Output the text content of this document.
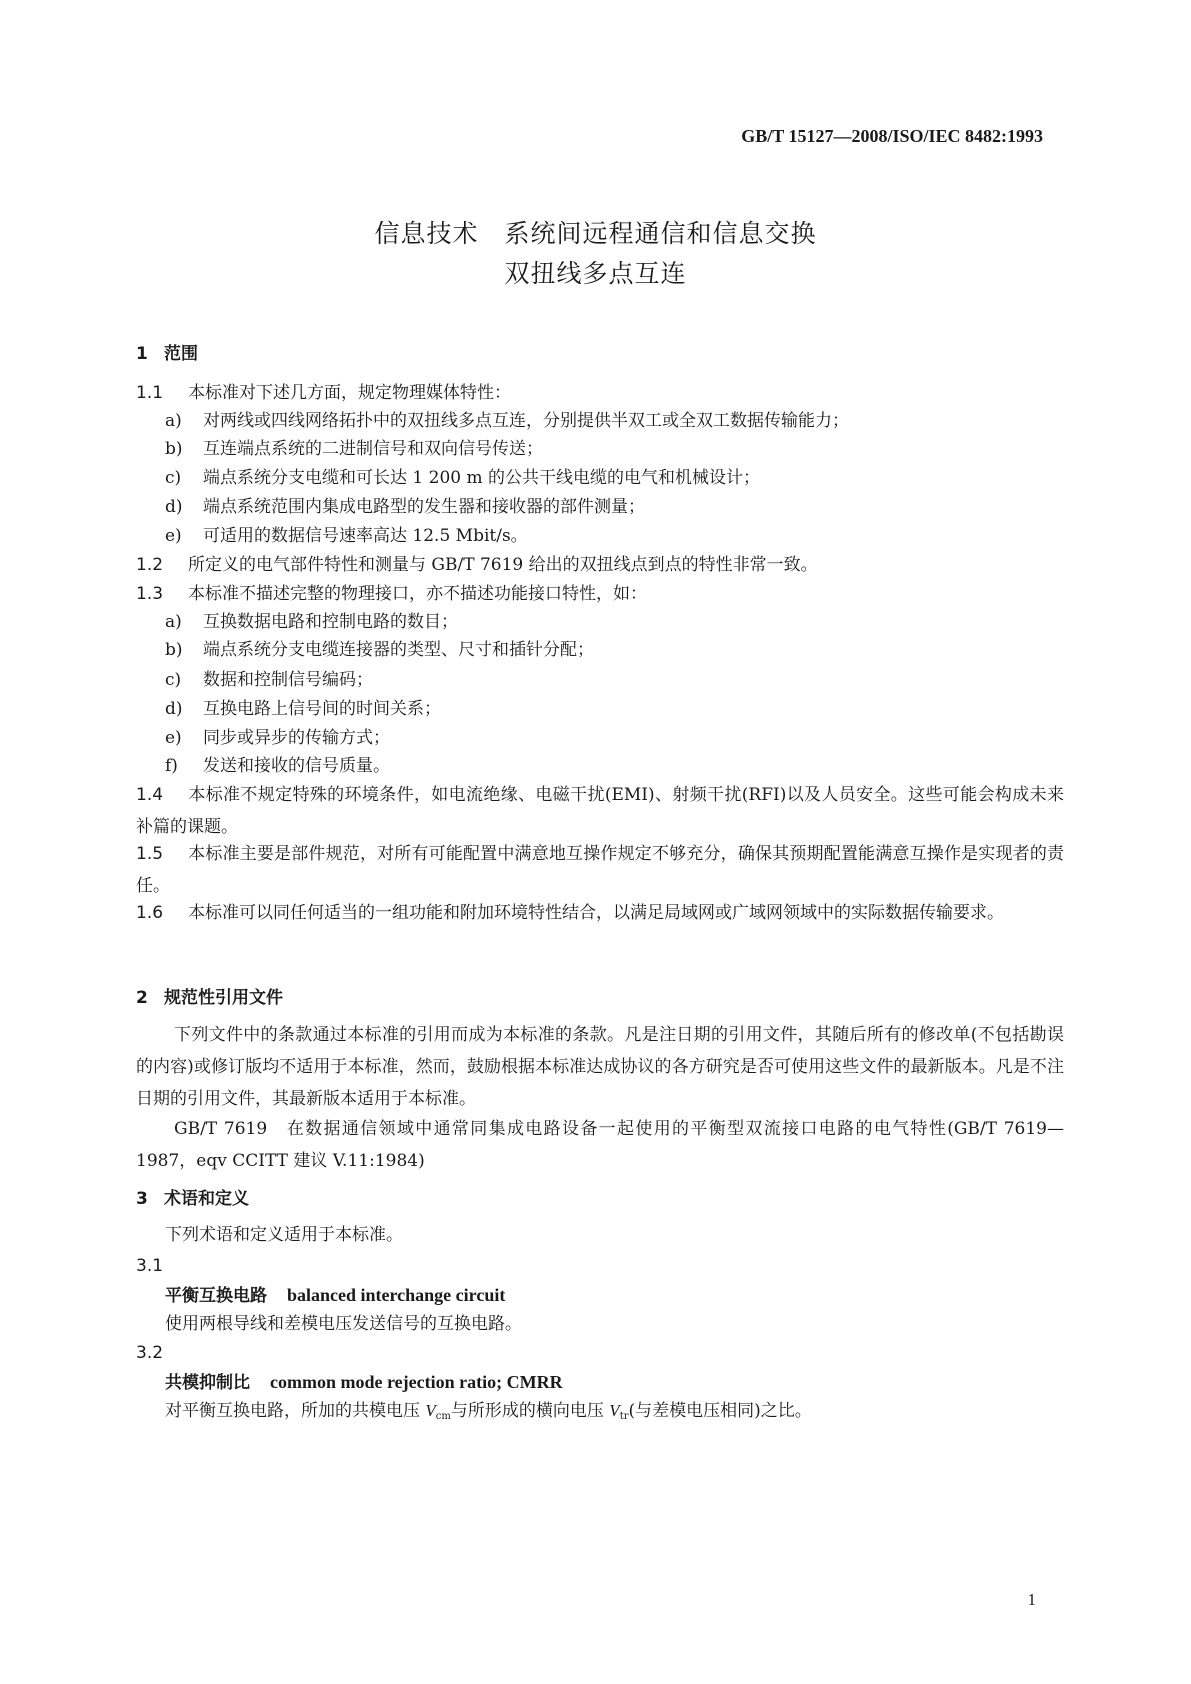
GB/T 15127—2008/ISO/IEC 8482:1993
信息技术　系统间远程通信和信息交换
双扭线多点互连
1 范围
1.1 本标准对下述几方面，规定物理媒体特性：
a) 对两线或四线网络拓扑中的双扭线多点互连，分别提供半双工或全双工数据传输能力；
b) 互连端点系统的二进制信号和双向信号传送；
c) 端点系统分支电缆和可长达 1 200 m 的公共干线电缆的电气和机械设计；
d) 端点系统范围内集成电路型的发生器和接收器的部件测量；
e) 可适用的数据信号速率高达 12.5 Mbit/s。
1.2 所定义的电气部件特性和测量与 GB/T 7619 给出的双扭线点到点的特性非常一致。
1.3 本标准不描述完整的物理接口，亦不描述功能接口特性，如：
a) 互换数据电路和控制电路的数目；
b) 端点系统分支电缆连接器的类型、尺寸和插针分配；
c) 数据和控制信号编码；
d) 互换电路上信号间的时间关系；
e) 同步或异步的传输方式；
f) 发送和接收的信号质量。
1.4 本标准不规定特殊的环境条件，如电流绝缘、电磁干扰(EMI)、射频干扰(RFI)以及人员安全。这些可能会构成未来补篇的课题。
1.5 本标准主要是部件规范，对所有可能配置中满意地互操作规定不够充分，确保其预期配置能满意互操作是实现者的责任。
1.6 本标准可以同任何适当的一组功能和附加环境特性结合，以满足局域网或广域网领域中的实际数据传输要求。
2 规范性引用文件
下列文件中的条款通过本标准的引用而成为本标准的条款。凡是注日期的引用文件，其随后所有的修改单(不包括勘误的内容)或修订版均不适用于本标准，然而，鼓励根据本标准达成协议的各方研究是否可使用这些文件的最新版本。凡是不注日期的引用文件，其最新版本适用于本标准。
GB/T 7619　在数据通信领域中通常同集成电路设备一起使用的平衡型双流接口电路的电气特性(GB/T 7619—1987，eqv CCITT 建议 V.11:1984)
3 术语和定义
下列术语和定义适用于本标准。
3.1
平衡互换电路 balanced interchange circuit
使用两根导线和差模电压发送信号的互换电路。
3.2
共模抑制比 common mode rejection ratio; CMRR
对平衡互换电路，所加的共模电压 $V_{cm}$与所形成的横向电压 $V_{tr}$(与差模电压相同)之比。
1
